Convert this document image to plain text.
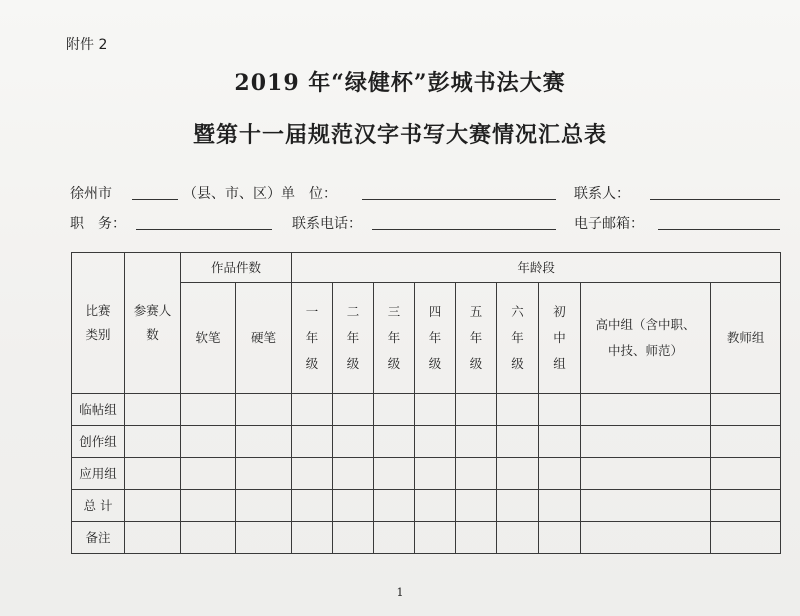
附件 2
2019 年“绿健杯”彭城书法大赛
暨第十一届规范汉字书写大赛情况汇总表
徐州市	（县、市、区）单　位：	联系人：
职　务：	联系电话：	电子邮箱：
比赛类别	参赛人数	作品件数		年龄段								
		软笔	硬笔	一年级	二年级	三年级	四年级	五年级	六年级	初中组	高中组（含中职、
中技、师范）	教师组
临帖组												
创作组												
应用组												
总 计												
备注												
1
